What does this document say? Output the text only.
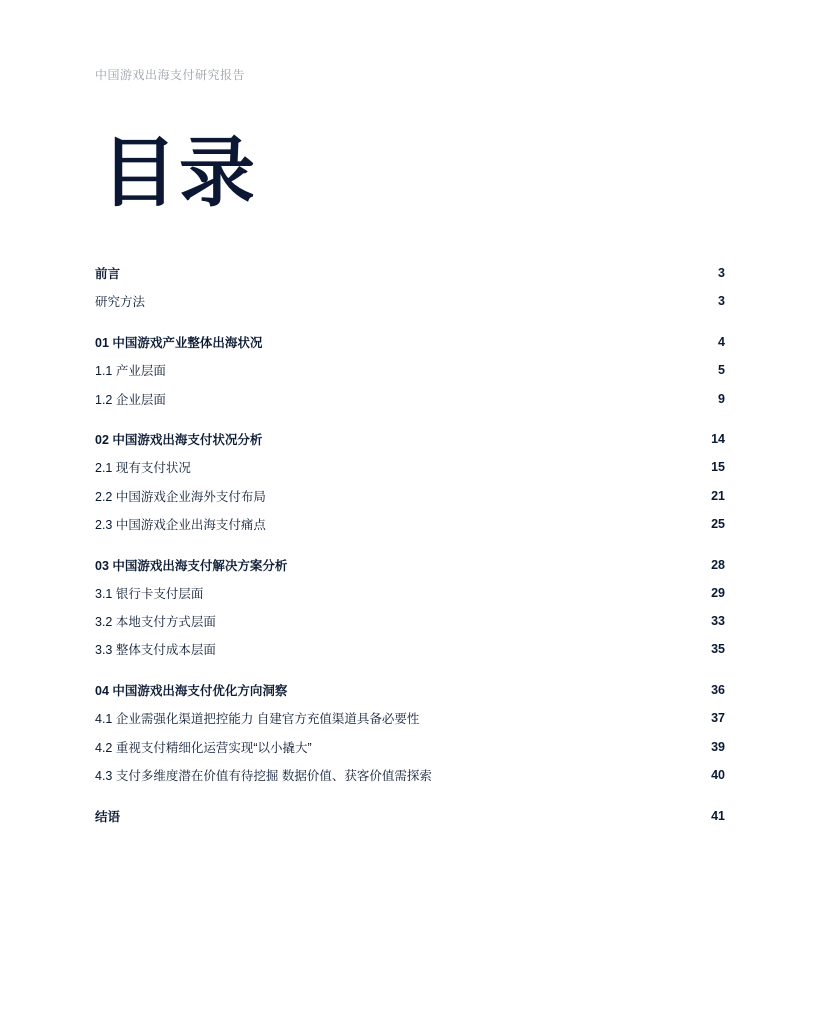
中国游戏出海支付研究报告
目录
前言	3
研究方法	3
01 中国游戏产业整体出海状况	4
1.1 产业层面	5
1.2 企业层面	9
02 中国游戏出海支付状况分析	14
2.1 现有支付状况	15
2.2 中国游戏企业海外支付布局	21
2.3 中国游戏企业出海支付痛点	25
03 中国游戏出海支付解决方案分析	28
3.1 银行卡支付层面	29
3.2 本地支付方式层面	33
3.3 整体支付成本层面	35
04 中国游戏出海支付优化方向洞察	36
4.1 企业需强化渠道把控能力 自建官方充值渠道具备必要性	37
4.2 重视支付精细化运营实现“以小撬大”	39
4.3 支付多维度潜在价值有待挖掘 数据价值、获客价值需探索	40
结语	41
